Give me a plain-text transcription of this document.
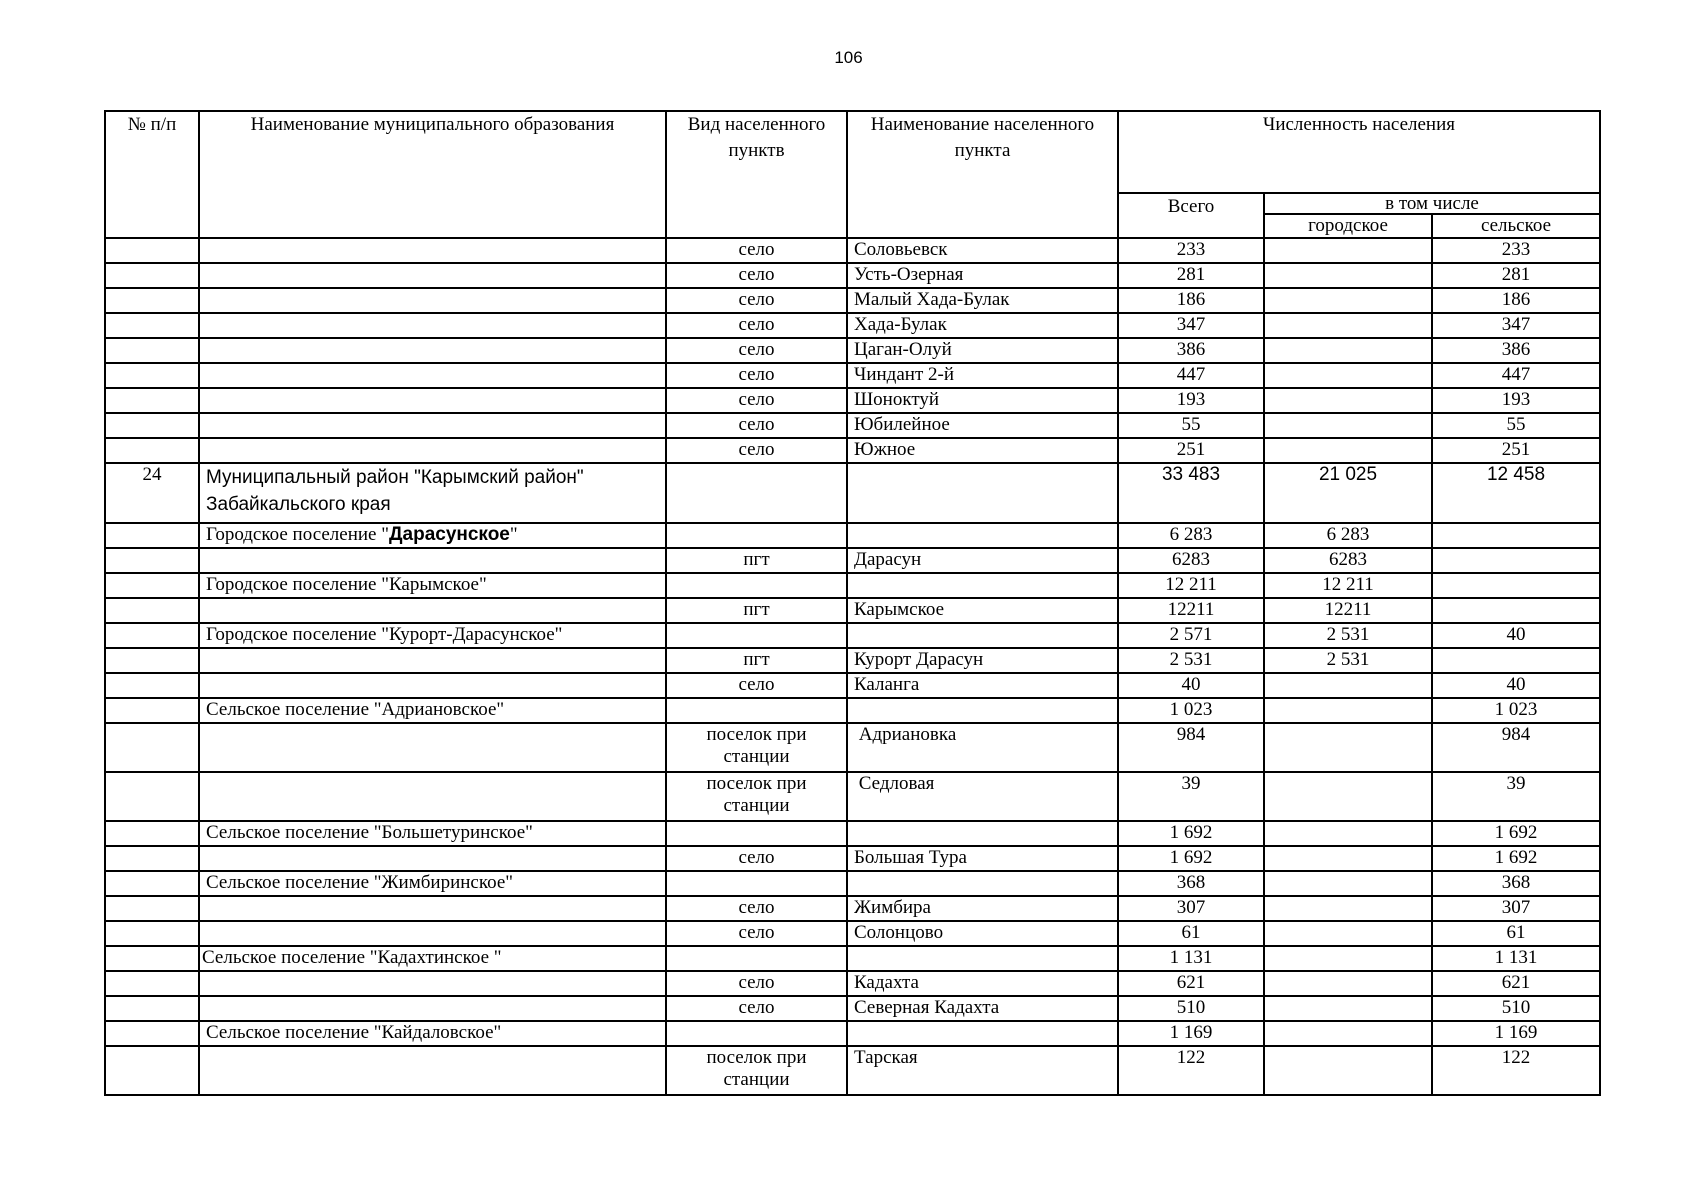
106
№ п/п	Наименование муниципального образования	Вид населенного пунктв	Наименование населенного пункта	Численность населения		
				Всего	в том числе	
					городское	сельское
		село	Соловьевск	233		233
		село	Усть-Озерная	281		281
		село	Малый Хада-Булак	186		186
		село	Хада-Булак	347		347
		село	Цаган-Олуй	386		386
		село	Чиндант 2-й	447		447
		село	Шоноктуй	193		193
		село	Юбилейное	55		55
		село	Южное	251		251
24	Муниципальный район "Карымский район" Забайкальского края			33 483	21 025	12 458
	Городское поселение "Дарасунское"			6 283	6 283	
		пгт	Дарасун	6283	6283	
	Городское поселение "Карымское"			12 211	12 211	
		пгт	Карымское	12211	12211	
	Городское поселение "Курорт-Дарасунское"			2 571	2 531	40
		пгт	Курорт Дарасун	2 531	2 531	
		село	Каланга	40		40
	Сельское поселение "Адриановское"			1 023		1 023
		поселок при станции	Адриановка	984		984
		поселок при станции	Седловая	39		39
	Сельское поселение "Большетуринское"			1 692		1 692
		село	Большая Тура	1 692		1 692
	Сельское поселение "Жимбиринское"			368		368
		село	Жимбира	307		307
		село	Солонцово	61		61
	Сельское поселение "Кадахтинское "			1 131		1 131
		село	Кадахта	621		621
		село	Северная Кадахта	510		510
	Сельское поселение "Кайдаловское"			1 169		1 169
		поселок при станции	Тарская	122		122
